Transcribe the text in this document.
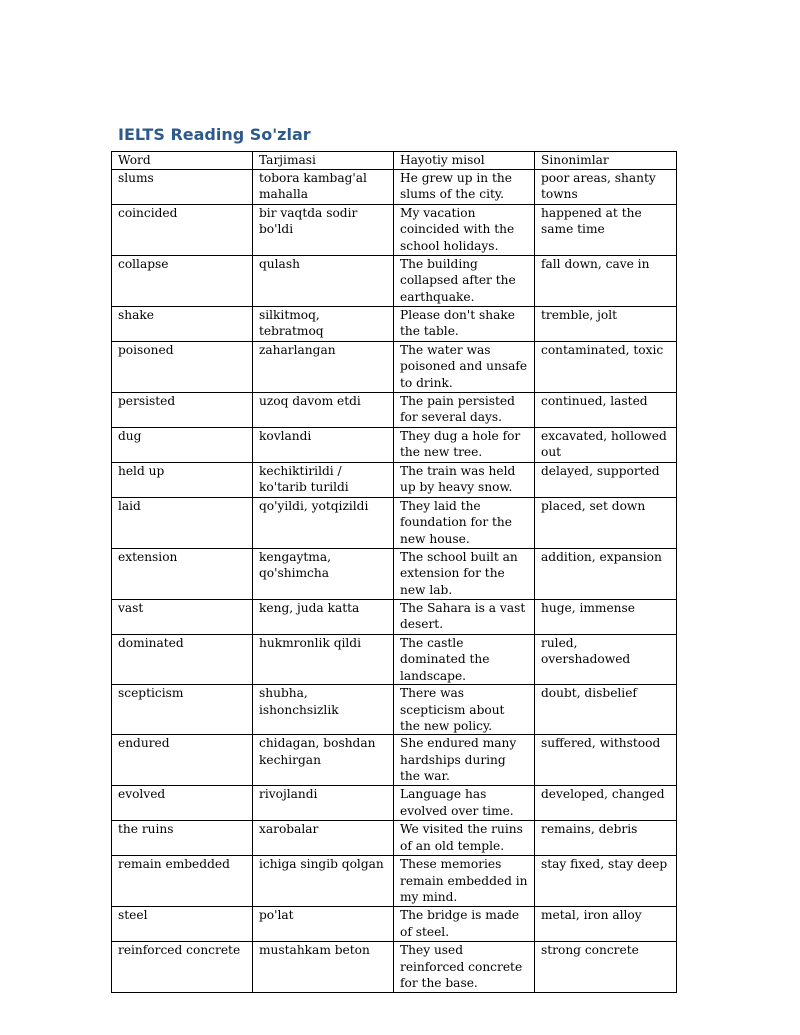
IELTS Reading So'zlar
Word	Tarjimasi	Hayotiy misol	Sinonimlar
slums	tobora kambag'al mahalla	He grew up in the slums of the city.	poor areas, shanty towns
coincided	bir vaqtda sodir bo'ldi	My vacation coincided with the school holidays.	happened at the same time
collapse	qulash	The building collapsed after the earthquake.	fall down, cave in
shake	silkitmoq, tebratmoq	Please don't shake the table.	tremble, jolt
poisoned	zaharlangan	The water was poisoned and unsafe to drink.	contaminated, toxic
persisted	uzoq davom etdi	The pain persisted for several days.	continued, lasted
dug	kovlandi	They dug a hole for the new tree.	excavated, hollowed out
held up	kechiktirildi / ko'tarib turildi	The train was held up by heavy snow.	delayed, supported
laid	qo'yildi, yotqizildi	They laid the foundation for the new house.	placed, set down
extension	kengaytma, qo'shimcha	The school built an extension for the new lab.	addition, expansion
vast	keng, juda katta	The Sahara is a vast desert.	huge, immense
dominated	hukmronlik qildi	The castle dominated the landscape.	ruled, overshadowed
scepticism	shubha, ishonchsizlik	There was scepticism about the new policy.	doubt, disbelief
endured	chidagan, boshdan kechirgan	She endured many hardships during the war.	suffered, withstood
evolved	rivojlandi	Language has evolved over time.	developed, changed
the ruins	xarobalar	We visited the ruins of an old temple.	remains, debris
remain embedded	ichiga singib qolgan	These memories remain embedded in my mind.	stay fixed, stay deep
steel	po'lat	The bridge is made of steel.	metal, iron alloy
reinforced concrete	mustahkam beton	They used reinforced concrete for the base.	strong concrete
